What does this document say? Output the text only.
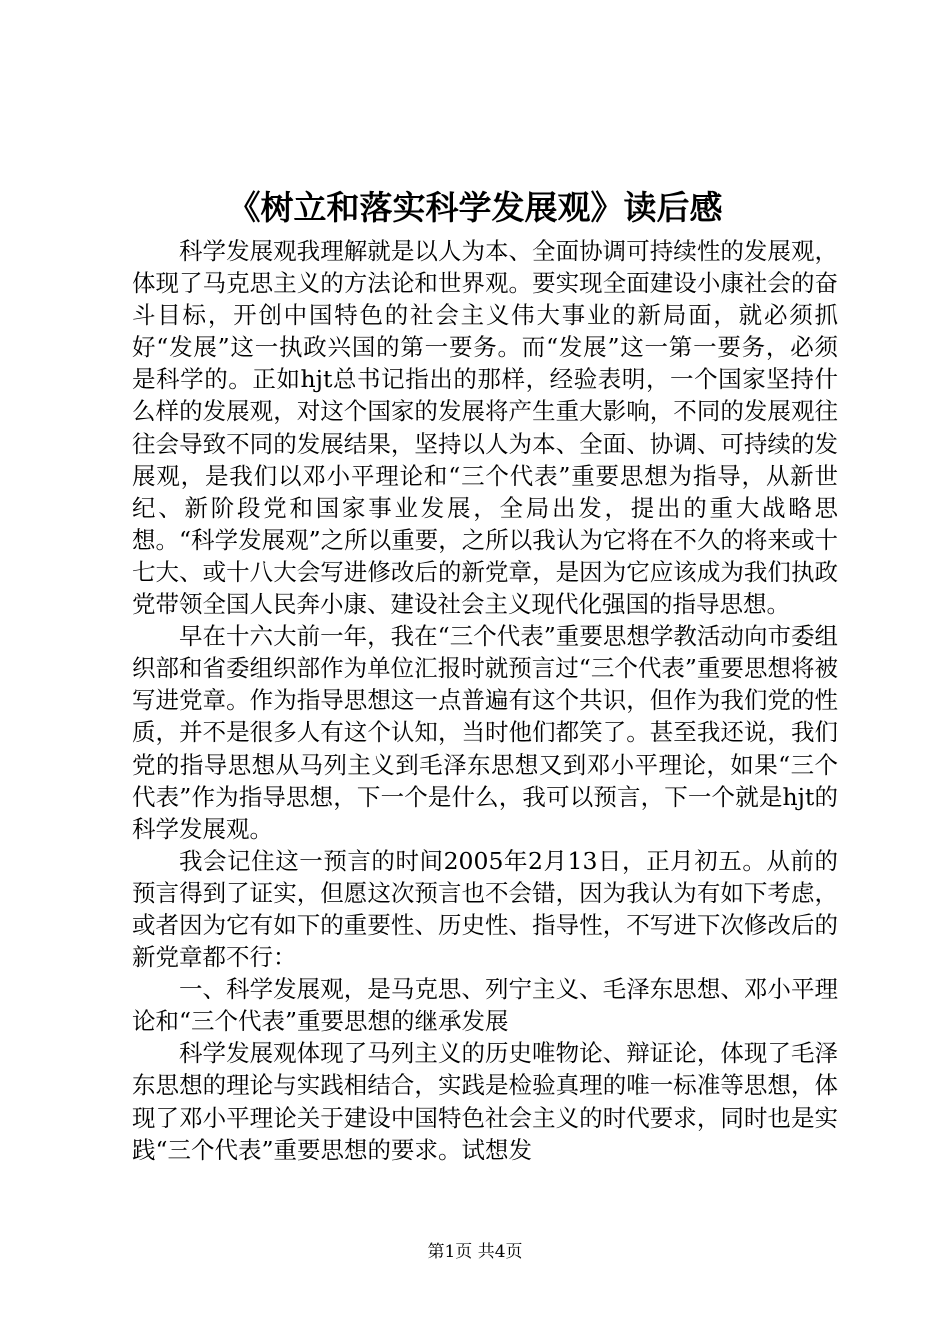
《树立和落实科学发展观》读后感

科学发展观我理解就是以人为本、全面协调可持续性的发展观，体现了马克思主义的方法论和世界观。要实现全面建设小康社会的奋斗目标，开创中国特色的社会主义伟大事业的新局面，就必须抓好“发展”这一执政兴国的第一要务。而“发展”这一第一要务，必须是科学的。正如hjt总书记指出的那样，经验表明，一个国家坚持什么样的发展观，对这个国家的发展将产生重大影响，不同的发展观往往会导致不同的发展结果，坚持以人为本、全面、协调、可持续的发展观，是我们以邓小平理论和“三个代表”重要思想为指导，从新世纪、新阶段党和国家事业发展，全局出发，提出的重大战略思想。“科学发展观”之所以重要，之所以我认为它将在不久的将来或十七大、或十八大会写进修改后的新党章，是因为它应该成为我们执政党带领全国人民奔小康、建设社会主义现代化强国的指导思想。

早在十六大前一年，我在“三个代表”重要思想学教活动向市委组织部和省委组织部作为单位汇报时就预言过“三个代表”重要思想将被写进党章。作为指导思想这一点普遍有这个共识，但作为我们党的性质，并不是很多人有这个认知，当时他们都笑了。甚至我还说，我们党的指导思想从马列主义到毛泽东思想又到邓小平理论，如果“三个代表”作为指导思想，下一个是什么，我可以预言，下一个就是hjt的科学发展观。

我会记住这一预言的时间2005年2月13日，正月初五。从前的预言得到了证实，但愿这次预言也不会错，因为我认为有如下考虑，或者因为它有如下的重要性、历史性、指导性，不写进下次修改后的新党章都不行：

一、科学发展观，是马克思、列宁主义、毛泽东思想、邓小平理论和“三个代表”重要思想的继承发展

科学发展观体现了马列主义的历史唯物论、辩证论，体现了毛泽东思想的理论与实践相结合，实践是检验真理的唯一标准等思想，体现了邓小平理论关于建设中国特色社会主义的时代要求，同时也是实践“三个代表”重要思想的要求。试想发

第1页 共4页
